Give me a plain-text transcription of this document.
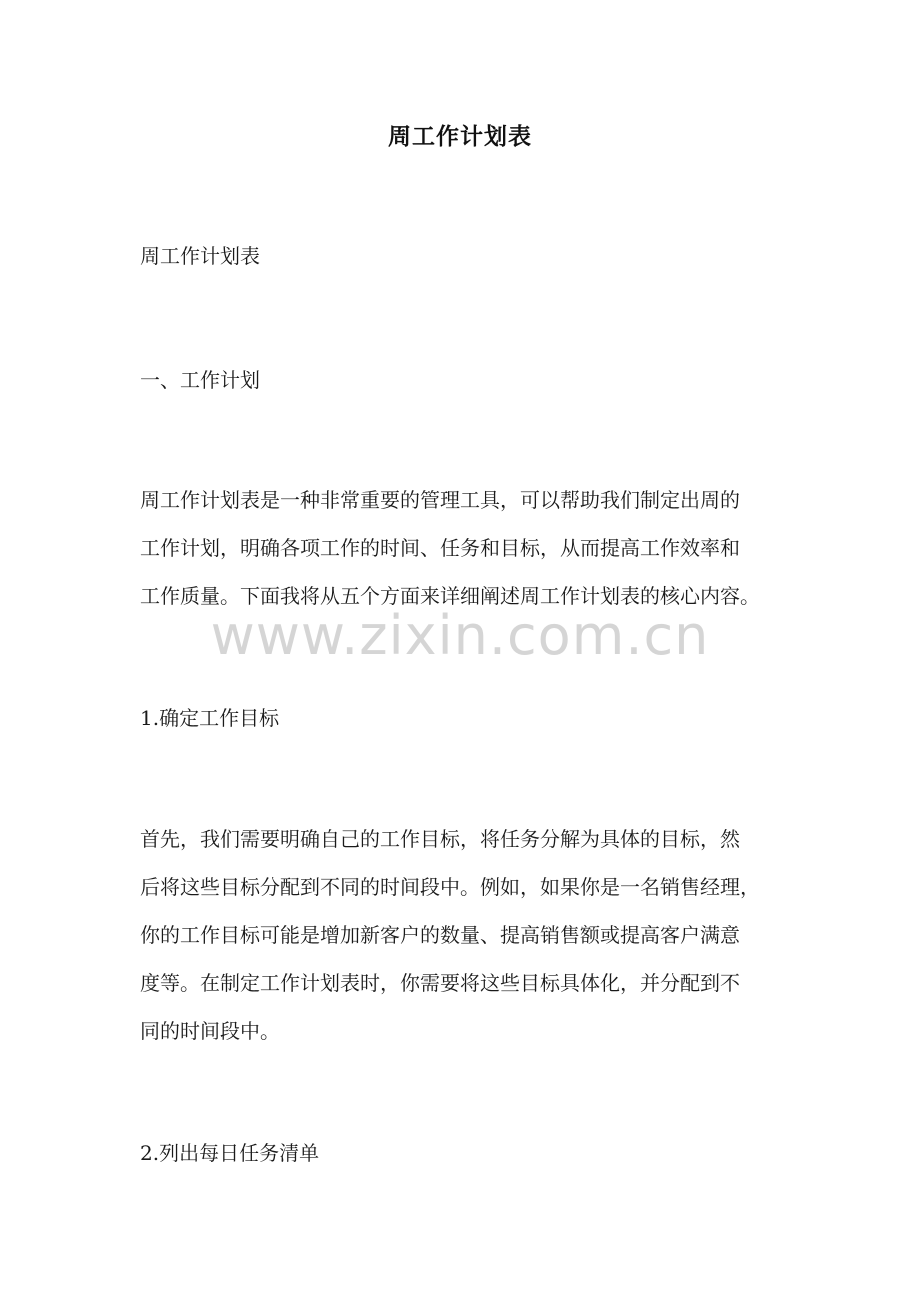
周工作计划表
周工作计划表
一、工作计划

周工作计划表是一种非常重要的管理工具，可以帮助我们制定出周的

工作计划，明确各项工作的时间、任务和目标，从而提高工作效率和

工作质量。下面我将从五个方面来详细阐述周工作计划表的核心内容。

1.确定工作目标

首先，我们需要明确自己的工作目标，将任务分解为具体的目标，然

后将这些目标分配到不同的时间段中。例如，如果你是一名销售经理，

你的工作目标可能是增加新客户的数量、提高销售额或提高客户满意

度等。在制定工作计划表时，你需要将这些目标具体化，并分配到不

同的时间段中。

2.列出每日任务清单
www.zixin.com.cn
